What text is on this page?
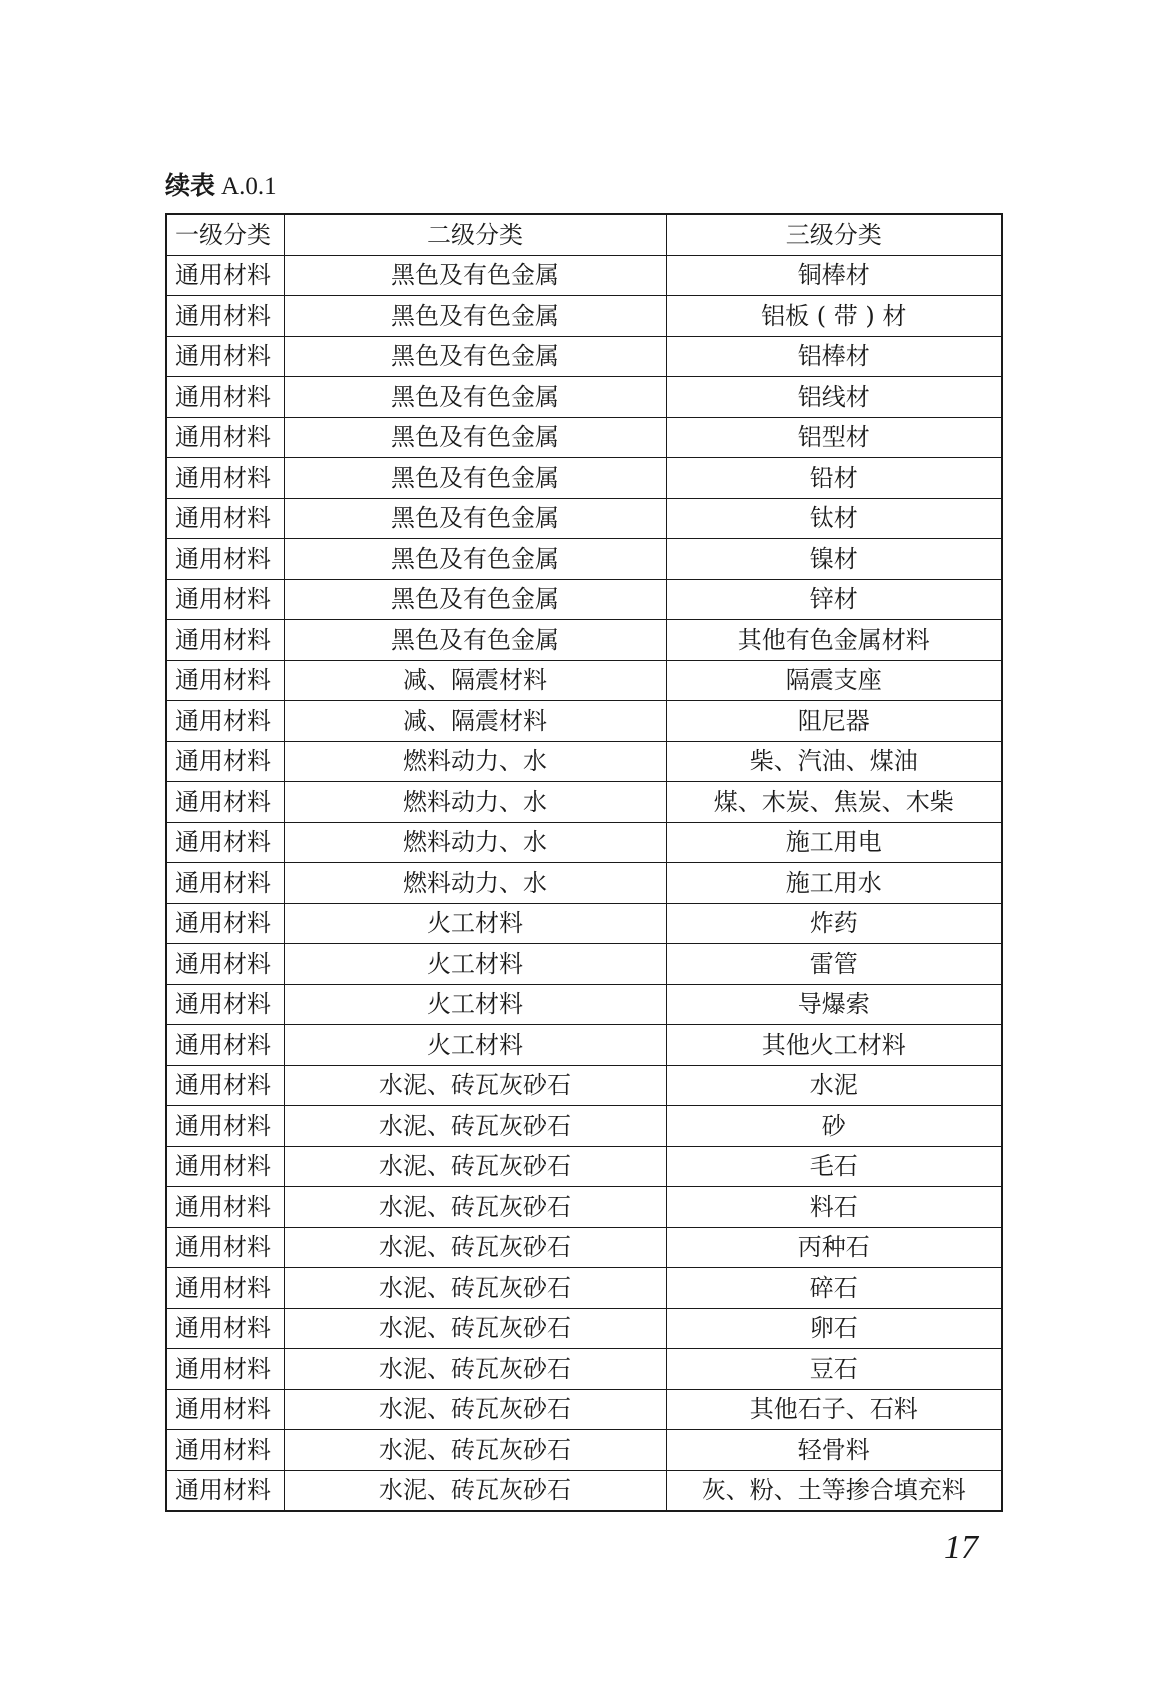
续表 A.0.1
一级分类	二级分类	三级分类
通用材料	黑色及有色金属	铜棒材
通用材料	黑色及有色金属	铝板 ( 带 ) 材
通用材料	黑色及有色金属	铝棒材
通用材料	黑色及有色金属	铝线材
通用材料	黑色及有色金属	铝型材
通用材料	黑色及有色金属	铅材
通用材料	黑色及有色金属	钛材
通用材料	黑色及有色金属	镍材
通用材料	黑色及有色金属	锌材
通用材料	黑色及有色金属	其他有色金属材料
通用材料	减、隔震材料	隔震支座
通用材料	减、隔震材料	阻尼器
通用材料	燃料动力、水	柴、汽油、煤油
通用材料	燃料动力、水	煤、木炭、焦炭、木柴
通用材料	燃料动力、水	施工用电
通用材料	燃料动力、水	施工用水
通用材料	火工材料	炸药
通用材料	火工材料	雷管
通用材料	火工材料	导爆索
通用材料	火工材料	其他火工材料
通用材料	水泥、砖瓦灰砂石	水泥
通用材料	水泥、砖瓦灰砂石	砂
通用材料	水泥、砖瓦灰砂石	毛石
通用材料	水泥、砖瓦灰砂石	料石
通用材料	水泥、砖瓦灰砂石	丙种石
通用材料	水泥、砖瓦灰砂石	碎石
通用材料	水泥、砖瓦灰砂石	卵石
通用材料	水泥、砖瓦灰砂石	豆石
通用材料	水泥、砖瓦灰砂石	其他石子、石料
通用材料	水泥、砖瓦灰砂石	轻骨料
通用材料	水泥、砖瓦灰砂石	灰、粉、土等掺合填充料
17
